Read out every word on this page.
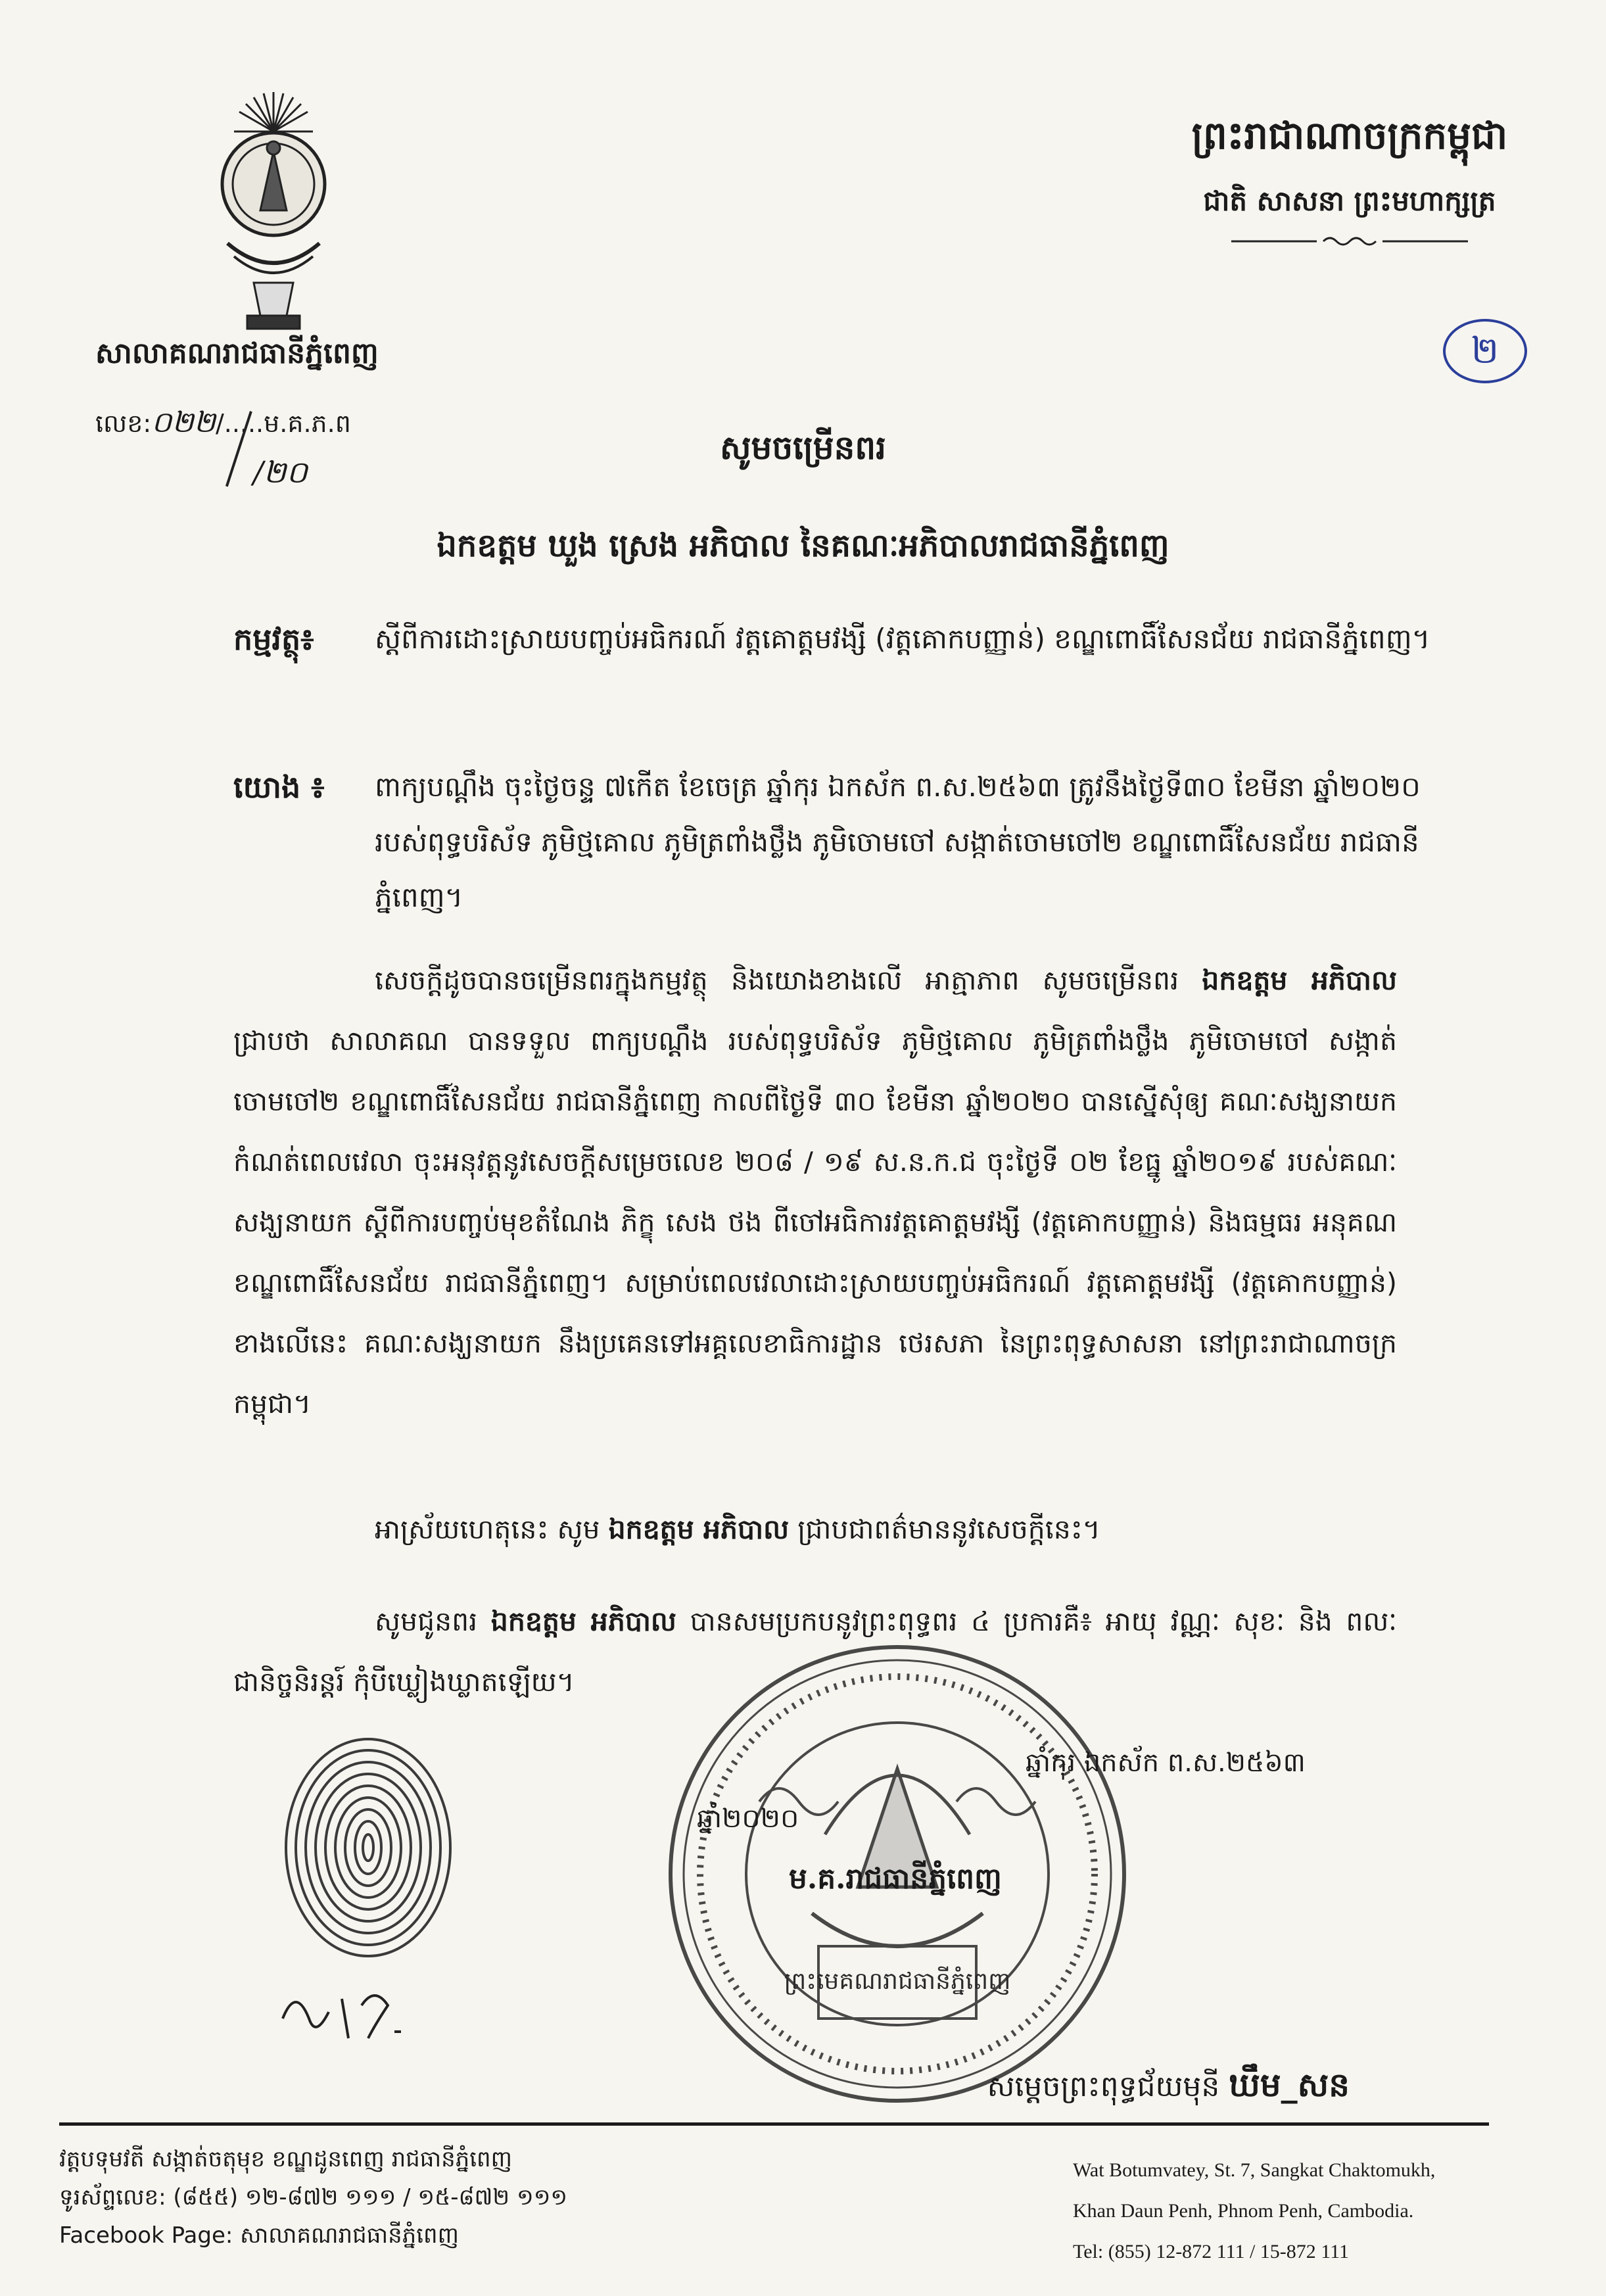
ព្រះរាជាណាចក្រកម្ពុជា
ជាតិ សាសនា ព្រះមហាក្សត្រ
២
សាលាគណរាជធានីភ្នំពេញ
លេខ:០២២/.....ម.គ.ភ.ព
/២០
សូមចម្រើនពរ
ឯកឧត្តម ឃួង ស្រេង អភិបាល នៃគណៈអភិបាលរាជធានីភ្នំពេញ
កម្មវត្ថុ៖ ស្តីពីការដោះស្រាយបញ្ចប់អធិករណ៍ វត្តគោត្តមវង្សី (វត្តគោកបញ្ញាន់) ខណ្ឌពោធិ៍សែនជ័យ រាជធានីភ្នំពេញ។
យោង ៖ ពាក្យបណ្តឹង ចុះថ្ងៃចន្ទ ៧កើត ខែចេត្រ ឆ្នាំកុរ ឯកស័ក ព.ស.២៥៦៣ ត្រូវនឹងថ្ងៃទី៣០ ខែមីនា ឆ្នាំ២០២០ របស់ពុទ្ធបរិស័ទ ភូមិថ្មគោល ភូមិត្រពាំងថ្លឹង ភូមិចោមចៅ សង្កាត់ចោមចៅ២ ខណ្ឌពោធិ៍សែនជ័យ រាជធានីភ្នំពេញ។
សេចក្តីដូចបានចម្រើនពរក្នុងកម្មវត្ថុ និងយោងខាងលើ អាត្មាភាព សូមចម្រើនពរ ឯកឧត្តម អភិបាល ជ្រាបថា សាលាគណ បានទទួល ពាក្យបណ្តឹង របស់ពុទ្ធបរិស័ទ ភូមិថ្មគោល ភូមិត្រពាំងថ្លឹង ភូមិចោមចៅ សង្កាត់ចោមចៅ២ ខណ្ឌពោធិ៍សែនជ័យ រាជធានីភ្នំពេញ កាលពីថ្ងៃទី ៣០ ខែមីនា ឆ្នាំ២០២០ បានស្នើសុំឲ្យ គណៈសង្ឃនាយក កំណត់ពេលវេលា ចុះអនុវត្តនូវសេចក្តីសម្រេចលេខ ២០៨ / ១៩ ស.ន.ក.ជ ចុះថ្ងៃទី ០២ ខែធ្នូ ឆ្នាំ២០១៩ របស់គណៈសង្ឃនាយក ស្តីពីការបញ្ចប់មុខតំណែង ភិក្ខុ សេង ថង ពីចៅអធិការវត្តគោត្តមវង្សី (វត្តគោកបញ្ញាន់) និងធម្មធរ អនុគណ ខណ្ឌពោធិ៍សែនជ័យ រាជធានីភ្នំពេញ។ សម្រាប់ពេលវេលាដោះស្រាយបញ្ចប់អធិករណ៍ វត្តគោត្តមវង្សី (វត្តគោកបញ្ញាន់) ខាងលើនេះ គណៈសង្ឃនាយក នឹងប្រគេនទៅអគ្គលេខាធិការដ្ឋាន ថេរសភា នៃព្រះពុទ្ធសាសនា នៅព្រះរាជាណាចក្រកម្ពុជា។
អាស្រ័យហេតុនេះ សូម ឯកឧត្តម អភិបាល ជ្រាបជាពត៌មាននូវសេចក្តីនេះ។
សូមជូនពរ ឯកឧត្តម អភិបាល បានសមប្រកបនូវព្រះពុទ្ធពរ ៤ ប្រការគឺ៖ អាយុ វណ្ណៈ សុខៈ និង ពលៈ ជានិច្ចនិរន្តរ៍ កុំបីឃ្លៀងឃ្លាតឡើយ។
ព្រះមេគណរាជធានីភ្នំពេញ
ឆ្នាំកុរ ឯកស័ក ព.ស.២៥៦៣
ឆ្នាំ២០២០
ម.គ.រាជធានីភ្នំពេញ
សម្តេចព្រះពុទ្ធជ័យមុនី ឃឹម_សន
វត្តបទុមវតី សង្កាត់ចតុមុខ ខណ្ឌដូនពេញ រាជធានីភ្នំពេញ
ទូរស័ព្ទលេខ: (៨៥៥) ១២-៨៧២ ១១១ / ១៥-៨៧២ ១១១
Facebook Page: សាលាគណរាជធានីភ្នំពេញ
Wat Botumvatey, St. 7, Sangkat Chaktomukh,
Khan Daun Penh, Phnom Penh, Cambodia.
Tel: (855) 12-872 111 / 15-872 111
